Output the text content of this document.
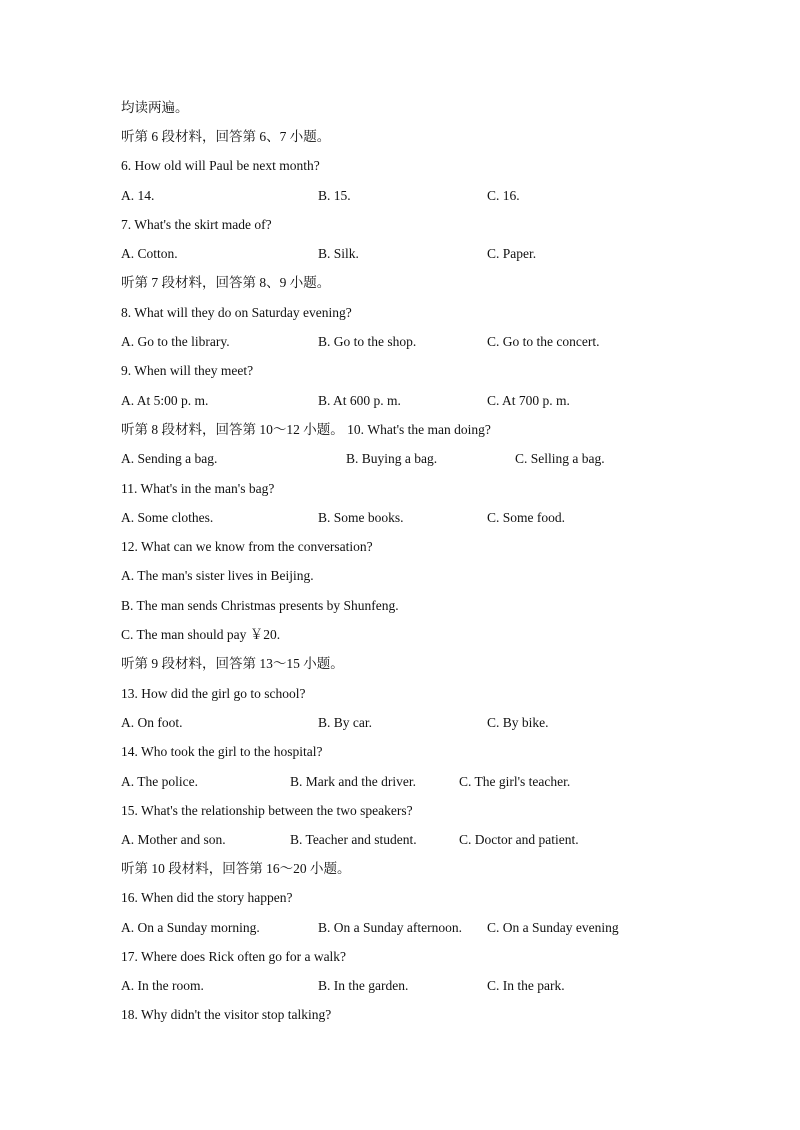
均读两遍。
听第 6 段材料，回答第 6、7 小题。
6. How old will Paul be next month?
A. 14.	B. 15.	C. 16.
7. What's the skirt made of?
A. Cotton.	B. Silk.	C. Paper.
听第 7 段材料，回答第 8、9 小题。
8. What will they do on Saturday evening?
A. Go to the library.	B. Go to the shop.	C. Go to the concert.
9. When will they meet?
A. At 5:00 p. m.	B. At 600 p. m.	C. At 700 p. m.
听第 8 段材料，回答第 10～12 小题。 10. What's the man doing?
A. Sending a bag.	B. Buying a bag.	C. Selling a bag.
11. What's in the man's bag?
A. Some clothes.	B. Some books.	C. Some food.
12. What can we know from the conversation?
A. The man's sister lives in Beijing.
B. The man sends Christmas presents by Shunfeng.
C. The man should pay ￥20.
听第 9 段材料，回答第 13～15 小题。
13. How did the girl go to school?
A. On foot.	B. By car.	C. By bike.
14. Who took the girl to the hospital?
A. The police.	B. Mark and the driver.	C. The girl's teacher.
15. What's the relationship between the two speakers?
A. Mother and son.	B. Teacher and student.	C. Doctor and patient.
听第 10 段材料，回答第 16～20 小题。
16. When did the story happen?
A. On a Sunday morning.	B. On a Sunday afternoon. C. On a Sunday evening
17. Where does Rick often go for a walk?
A. In the room.	B. In the garden.	C. In the park.
18. Why didn't the visitor stop talking?
